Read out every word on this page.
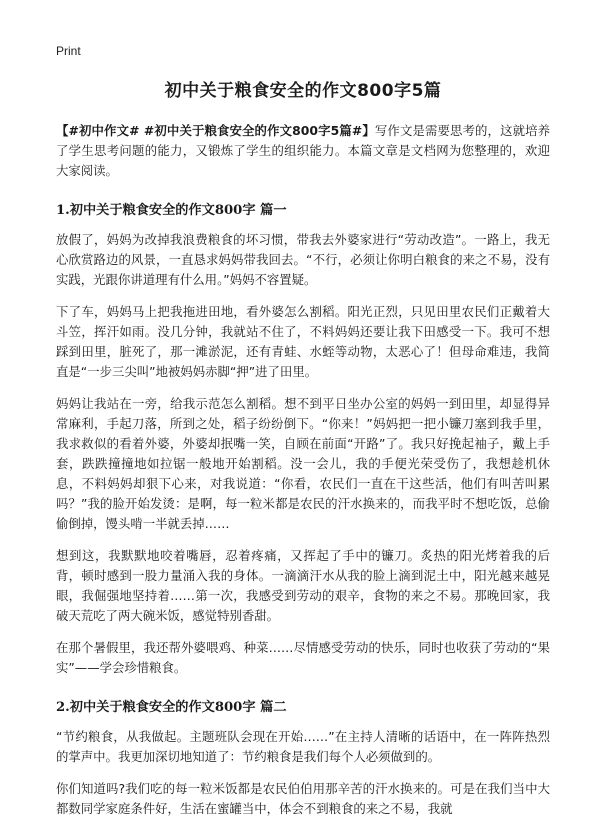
Print
初中关于粮食安全的作文800字5篇

【#初中作文# #初中关于粮食安全的作文800字5篇#】写作文是需要思考的，这就培养了学生思考问题的能力，又锻炼了学生的组织能力。本篇文章是文档网为您整理的，欢迎大家阅读。

1.初中关于粮食安全的作文800字 篇一

放假了，妈妈为改掉我浪费粮食的坏习惯，带我去外婆家进行“劳动改造”。一路上，我无心欣赏路边的风景，一直恳求妈妈带我回去。“不行，必须让你明白粮食的来之不易，没有实践，光跟你讲道理有什么用。”妈妈不容置疑。

下了车，妈妈马上把我拖进田地，看外婆怎么割稻。阳光正烈，只见田里农民们正戴着大斗笠，挥汗如雨。没几分钟，我就站不住了，不料妈妈还要让我下田感受一下。我可不想踩到田里，脏死了，那一滩淤泥，还有青蛙、水蛭等动物，太恶心了！但母命难违，我简直是“一步三尖叫”地被妈妈赤脚“押”进了田里。

妈妈让我站在一旁，给我示范怎么割稻。想不到平日坐办公室的妈妈一到田里，却显得异常麻利，手起刀落，所到之处，稻子纷纷倒下。“你来！”妈妈把一把小镰刀塞到我手里，我求救似的看着外婆，外婆却抿嘴一笑，自顾在前面“开路”了。我只好挽起袖子，戴上手套，跌跌撞撞地如拉锯一般地开始割稻。没一会儿，我的手便光荣受伤了，我想趁机休息，不料妈妈却狠下心来，对我说道：“你看，农民们一直在干这些活，他们有叫苦叫累吗？”我的脸开始发烫：是啊，每一粒米都是农民的汗水换来的，而我平时不想吃饭，总偷偷倒掉，馒头啃一半就丢掉……

想到这，我默默地咬着嘴唇，忍着疼痛，又挥起了手中的镰刀。炙热的阳光烤着我的后背，顿时感到一股力量涌入我的身体。一滴滴汗水从我的脸上滴到泥土中，阳光越来越晃眼，我倔强地坚持着……第一次，我感受到劳动的艰辛，食物的来之不易。那晚回家，我破天荒吃了两大碗米饭，感觉特别香甜。

在那个暑假里，我还帮外婆喂鸡、种菜……尽情感受劳动的快乐，同时也收获了劳动的“果实”——学会珍惜粮食。

2.初中关于粮食安全的作文800字 篇二

“节约粮食，从我做起。主题班队会现在开始……”在主持人清晰的话语中，在一阵阵热烈的掌声中。我更加深切地知道了：节约粮食是我们每个人必须做到的。

你们知道吗?我们吃的每一粒米饭都是农民伯伯用那辛苦的汗水换来的。可是在我们当中大都数同学家庭条件好，生活在蜜罐当中，体会不到粮食的来之不易，我就
